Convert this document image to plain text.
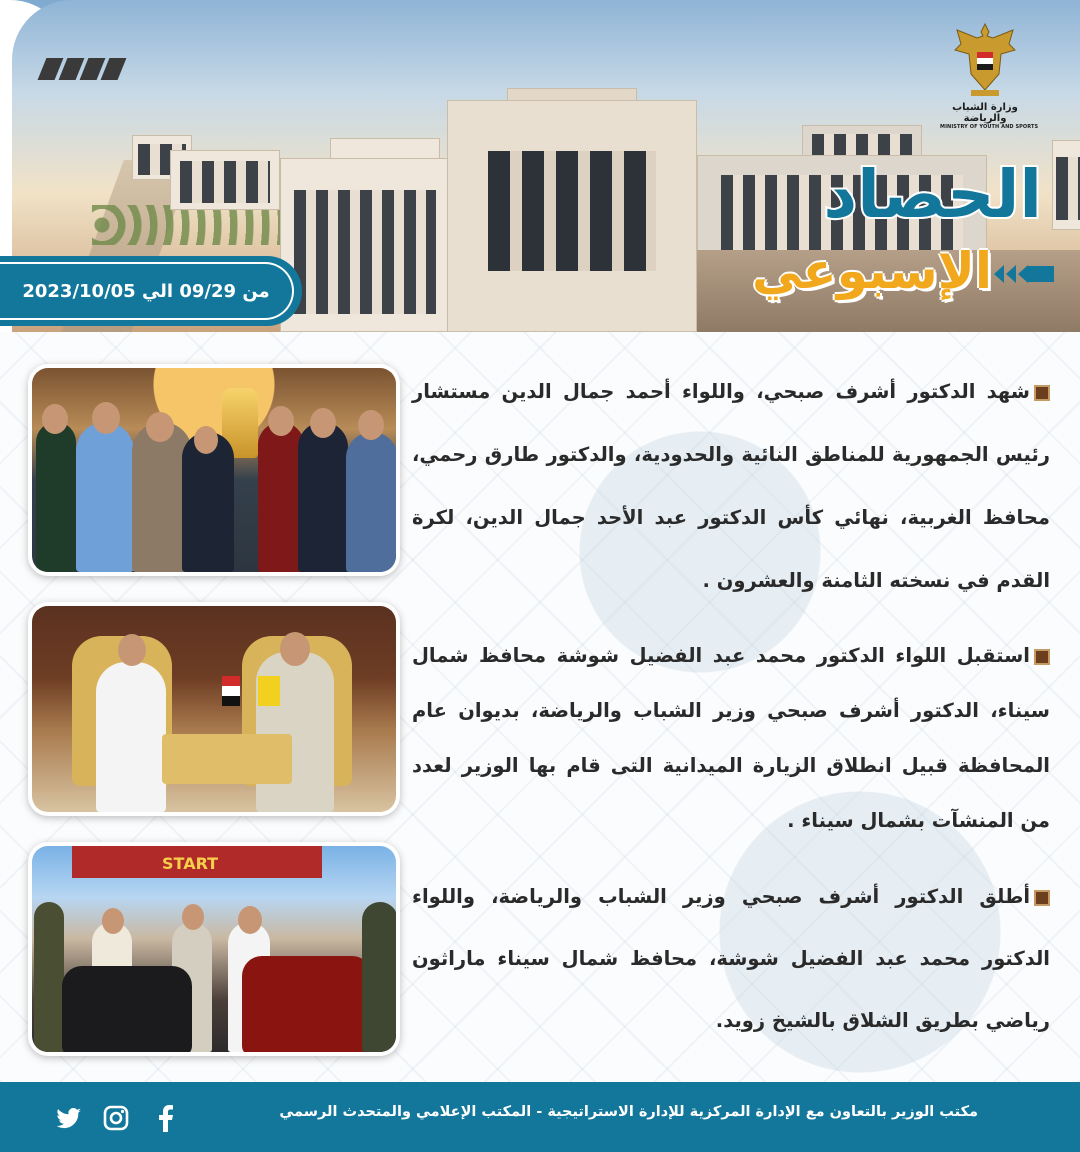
وزارة الشباب والرياضة
MINISTRY OF YOUTH AND SPORTS
الحصاد
الإسبوعي
من 09/29 الي 2023/10/05
START

شهد الدكتور أشرف صبحي، واللواء أحمد جمال الدين مستشار رئيس الجمهورية للمناطق النائية والحدودية، والدكتور طارق رحمي، محافظ الغربية، نهائي كأس الدكتور عبد الأحد جمال الدين، لكرة القدم في نسخته الثامنة والعشرون .

استقبل اللواء الدكتور محمد عبد الفضيل شوشة محافظ شمال سيناء، الدكتور أشرف صبحي وزير الشباب والرياضة، بديوان عام المحافظة قبيل انطلاق الزيارة الميدانية التى قام بها الوزير لعدد من المنشآت بشمال سيناء .

أطلق الدكتور أشرف صبحي وزير الشباب والرياضة، واللواء الدكتور محمد عبد الفضيل شوشة، محافظ شمال سيناء ماراثون رياضي بطريق الشلاق بالشيخ زويد.

مكتب الوزير بالتعاون مع الإدارة المركزية للإدارة الاستراتيجية - المكتب الإعلامي والمتحدث الرسمي
